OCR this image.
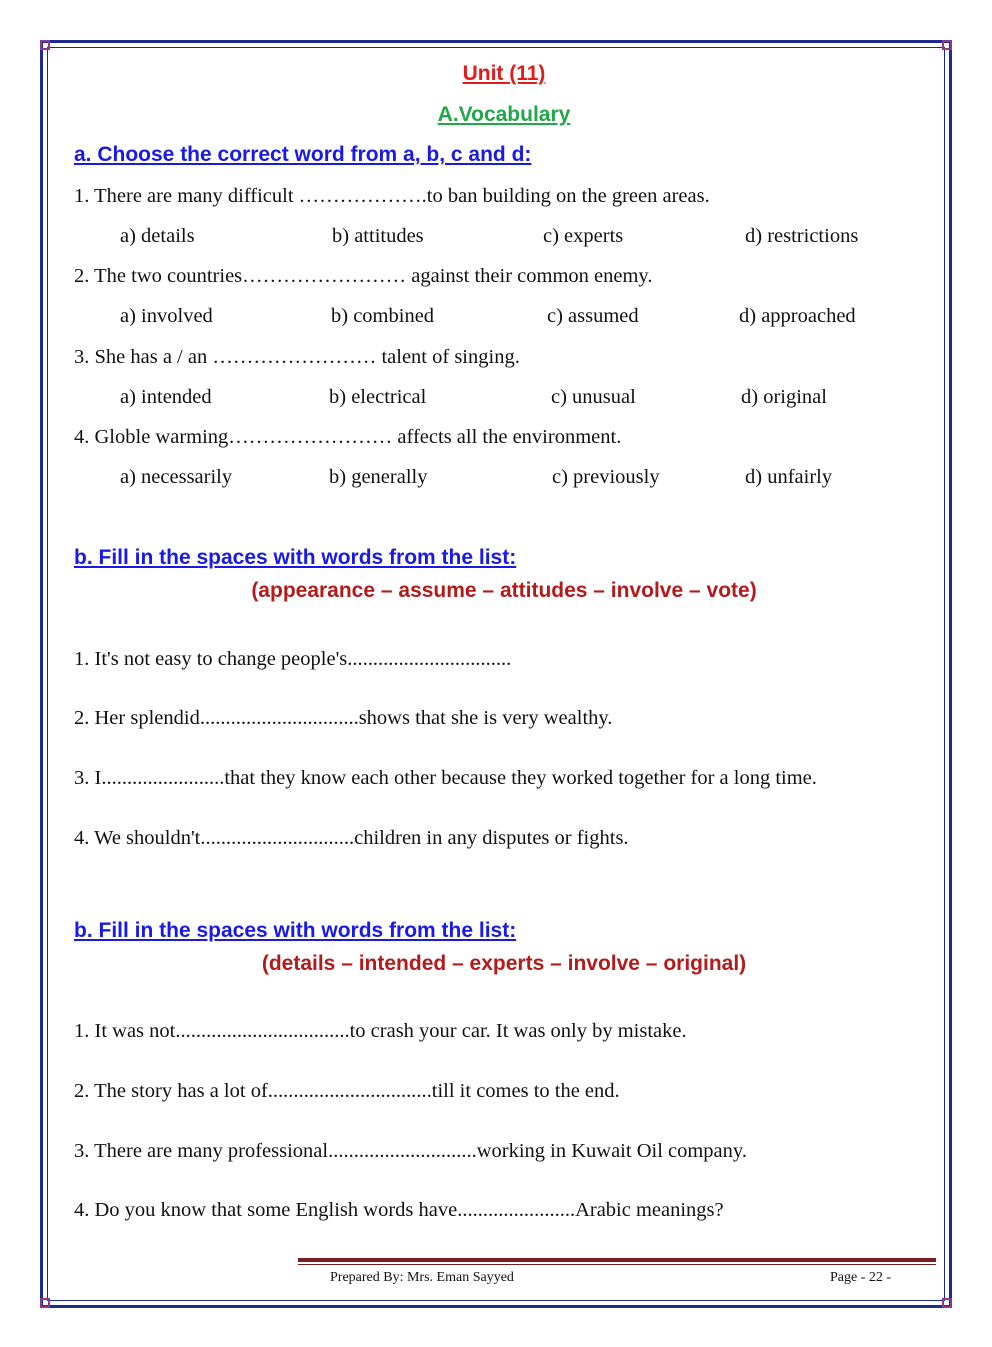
Unit (11)
A.Vocabulary
a. Choose the correct word from a, b, c and d:
1. There are many difficult ……………….to ban building on the green areas.
a) details	b) attitudes	c) experts	d) restrictions
2. The two countries…………………… against their common enemy.
a) involved	b) combined	c) assumed	d) approached
3. She has a / an …………………… talent of singing.
a) intended	b) electrical	c) unusual	d) original
4. Globle warming…………………… affects all the environment.
a) necessarily	b) generally	c) previously	d) unfairly
b. Fill in the spaces with words from the list:
(appearance – assume – attitudes – involve – vote)
1. It's not easy to change people's................................
2. Her splendid...............................shows that she is very wealthy.
3. I........................that they know each other because they worked together for a long time.
4. We shouldn't..............................children in any disputes or fights.
b. Fill in the spaces with words from the list:
(details – intended – experts – involve – original)
1. It was not..................................to crash your car. It was only by mistake.
2. The story has a lot of................................till it comes to the end.
3. There are many professional.............................working in Kuwait Oil company.
4. Do you know that some English words have.......................Arabic meanings?
Prepared By: Mrs. Eman Sayyed	Page - 22 -
